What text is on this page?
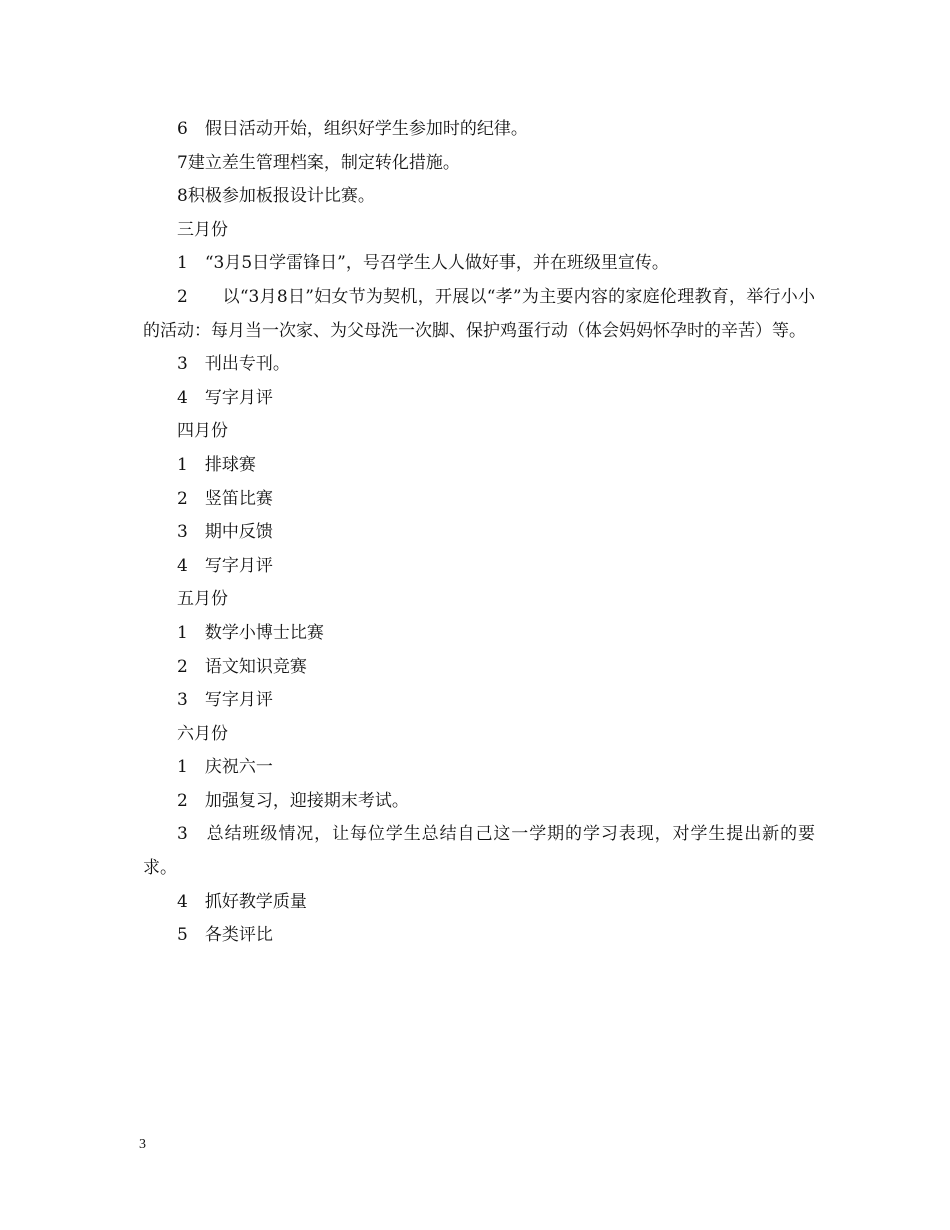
6　假日活动开始，组织好学生参加时的纪律。

7建立差生管理档案，制定转化措施。

8积极参加板报设计比赛。

三月份

1　“3月5日学雷锋日”，号召学生人人做好事，并在班级里宣传。

2　　以“3月8日”妇女节为契机，开展以“孝”为主要内容的家庭伦理教育，举行小小的活动：每月当一次家、为父母洗一次脚、保护鸡蛋行动（体会妈妈怀孕时的辛苦）等。

3　刊出专刊。

4　写字月评

四月份

1　排球赛

2　竖笛比赛

3　期中反馈

4　写字月评

五月份

1　数学小博士比赛

2　语文知识竞赛

3　写字月评

六月份

1　庆祝六一

2　加强复习，迎接期末考试。

3　总结班级情况，让每位学生总结自己这一学期的学习表现，对学生提出新的要求。

4　抓好教学质量

5　各类评比

3
